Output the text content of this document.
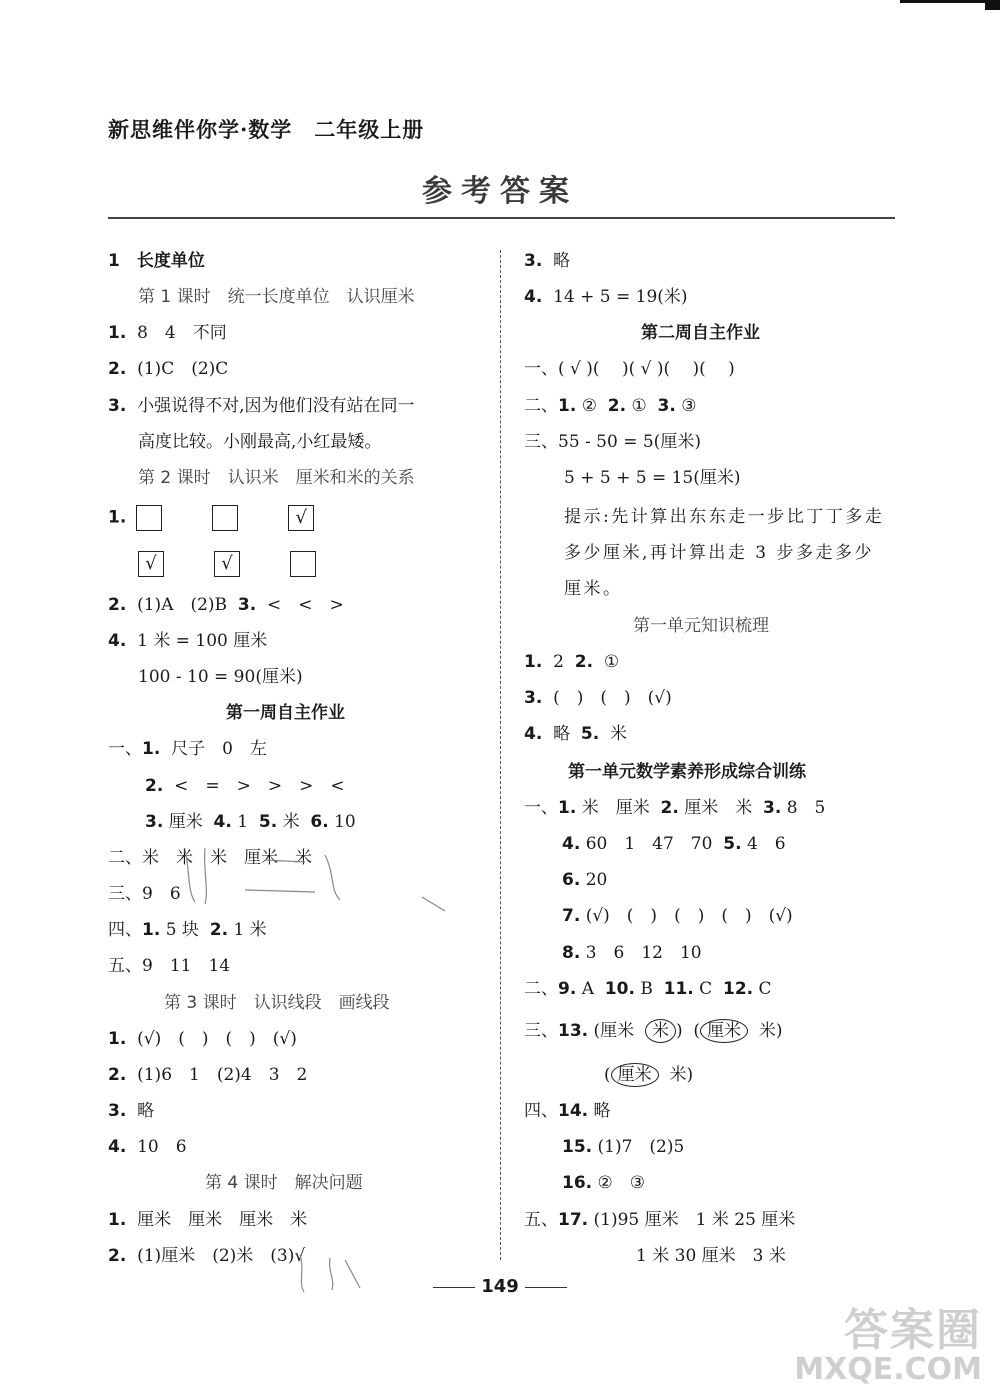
新思维伴你学·数学　二年级上册
参考答案
1　长度单位
第 1 课时　统一长度单位　认识厘米
1. 8　4　不同
2. (1)C　(2)C
3. 小强说得不对,因为他们没有站在同一
高度比较。小刚最高,小红最矮。
第 2 课时　认识米　厘米和米的关系
1.	√
√	√
2. (1)A　(2)B 3. <　<　>
4. 1 米 = 100 厘米
100 - 10 = 90(厘米)
第一周自主作业
一、1. 尺子　0　左
2. <　=　>　>　>　<
3. 厘米 4. 1 5. 米 6. 10
二、米　米　米　厘米　米
三、9　6
四、1. 5 块 2. 1 米
五、9　11　14
第 3 课时　认识线段　画线段
1. (√)　(　)　(　)　(√)
2. (1)6　1　(2)4　3　2
3. 略
4. 10　6
第 4 课时　解决问题
1. 厘米　厘米　厘米　米
2. (1)厘米　(2)米　(3)√
3. 略
4. 14 + 5 = 19(米)
第二周自主作业
一、( √ )(　 )( √ )(　 )(　 )
二、1. ② 2. ① 3. ③
三、55 - 50 = 5(厘米)
5 + 5 + 5 = 15(厘米)
提示:先计算出东东走一步比丁丁多走
多少厘米,再计算出走 3 步多走多少
厘米。
第一单元知识梳理
1. 2 2. ①
3. (　)　(　)　(√)
4. 略 5. 米
第一单元数学素养形成综合训练
一、1. 米　厘米 2. 厘米　米 3. 8　5
4. 60　1　47　70 5. 4　6
6. 20
7. (√)　(　)　(　)　(　)　(√)
8. 3　6　12　10
二、9. A 10. B 11. C 12. C
三、13. (厘米 米 )  ( 厘米 米)
( 厘米 米)
四、14. 略
15. (1)7　(2)5
16. ②　③
五、17. (1)95 厘米　1 米 25 厘米
1 米 30 厘米　3 米
149
答案圈
MXQE.COM
